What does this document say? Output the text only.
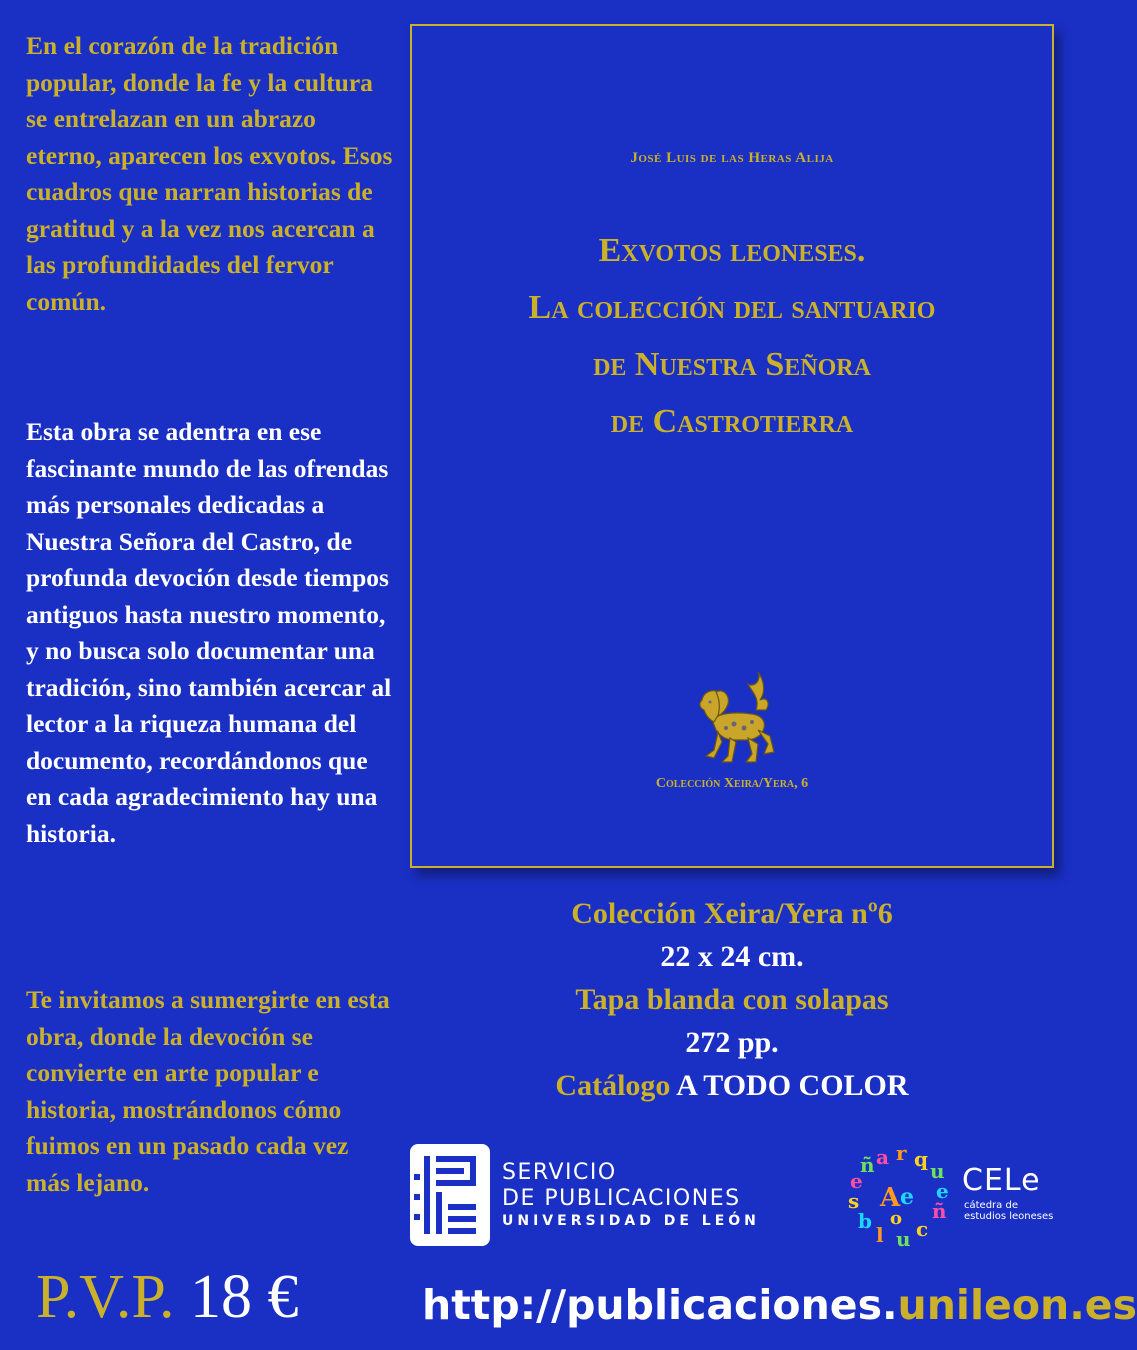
En el corazón de la tradición popular, donde la fe y la cultura se entrelazan en un abrazo eterno, aparecen los exvotos. Esos cuadros que narran historias de gratitud y a la vez nos acercan a las profundidades del fervor común.
Esta obra se adentra en ese fascinante mundo de las ofrendas más personales dedicadas a Nuestra Señora del Castro, de profunda devoción desde tiempos antiguos hasta nuestro momento, y no busca solo documentar una tradición, sino también acercar al lector a la riqueza humana del documento, recordándonos que en cada agradecimiento hay una historia.
Te invitamos a sumergirte en esta obra, donde la devoción se convierte en arte popular e historia, mostrándonos cómo fuimos en un pasado cada vez más lejano.
José Luis de las Heras Alija
Exvotos leoneses.
La colección del santuario
de Nuestra Señora
de Castrotierra
Colección Xeira/Yera, 6
Colección Xeira/Yera nº6
22 x 24 cm.
Tapa blanda con solapas
272 pp.
Catálogo A TODO COLOR
SERVICIO
DE PUBLICACIONES
UNIVERSIDAD DE LEÓN
a r q u
e
ñ
c
u
l
b
s
e
ñ
A e
o
CELe
cátedra de
estudios leoneses
P.V.P. 18 €	http://publicaciones.unileon.es
